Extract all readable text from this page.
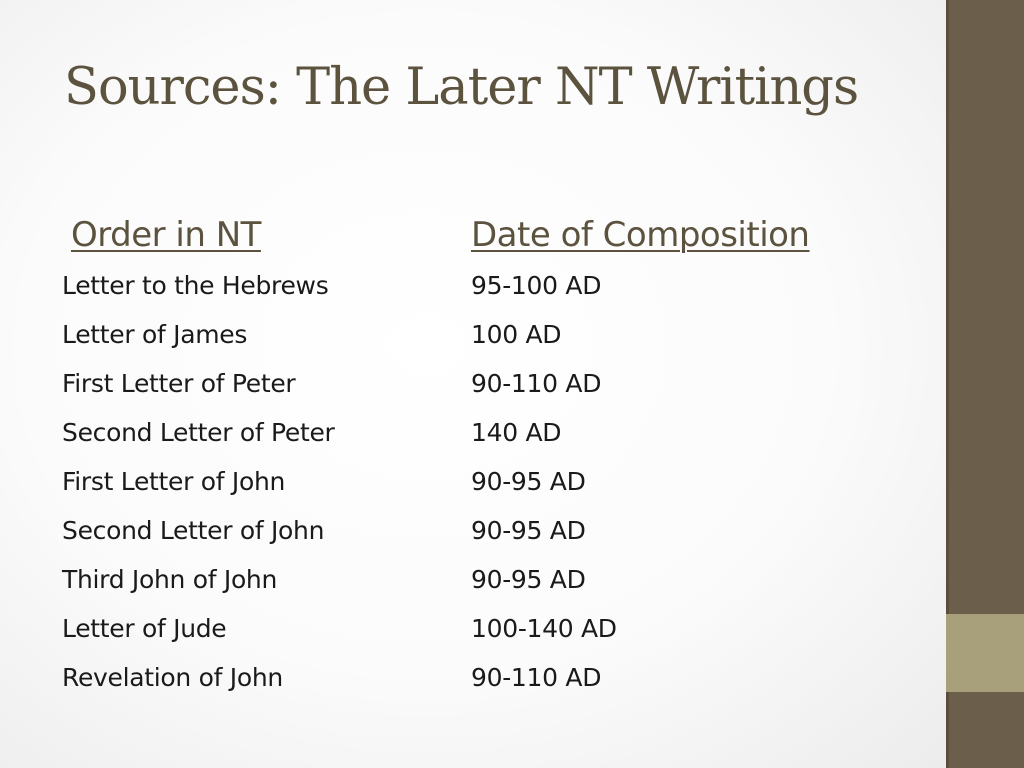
Sources: The Later NT Writings
Order in NT	Date of Composition
Letter to the Hebrews	95-100 AD
Letter of James	100 AD
First Letter of Peter	90-110 AD
Second Letter of Peter	140 AD
First Letter of John	90-95 AD
Second Letter of John	90-95 AD
Third John of John	90-95 AD
Letter of Jude	100-140 AD
Revelation of John	90-110 AD
